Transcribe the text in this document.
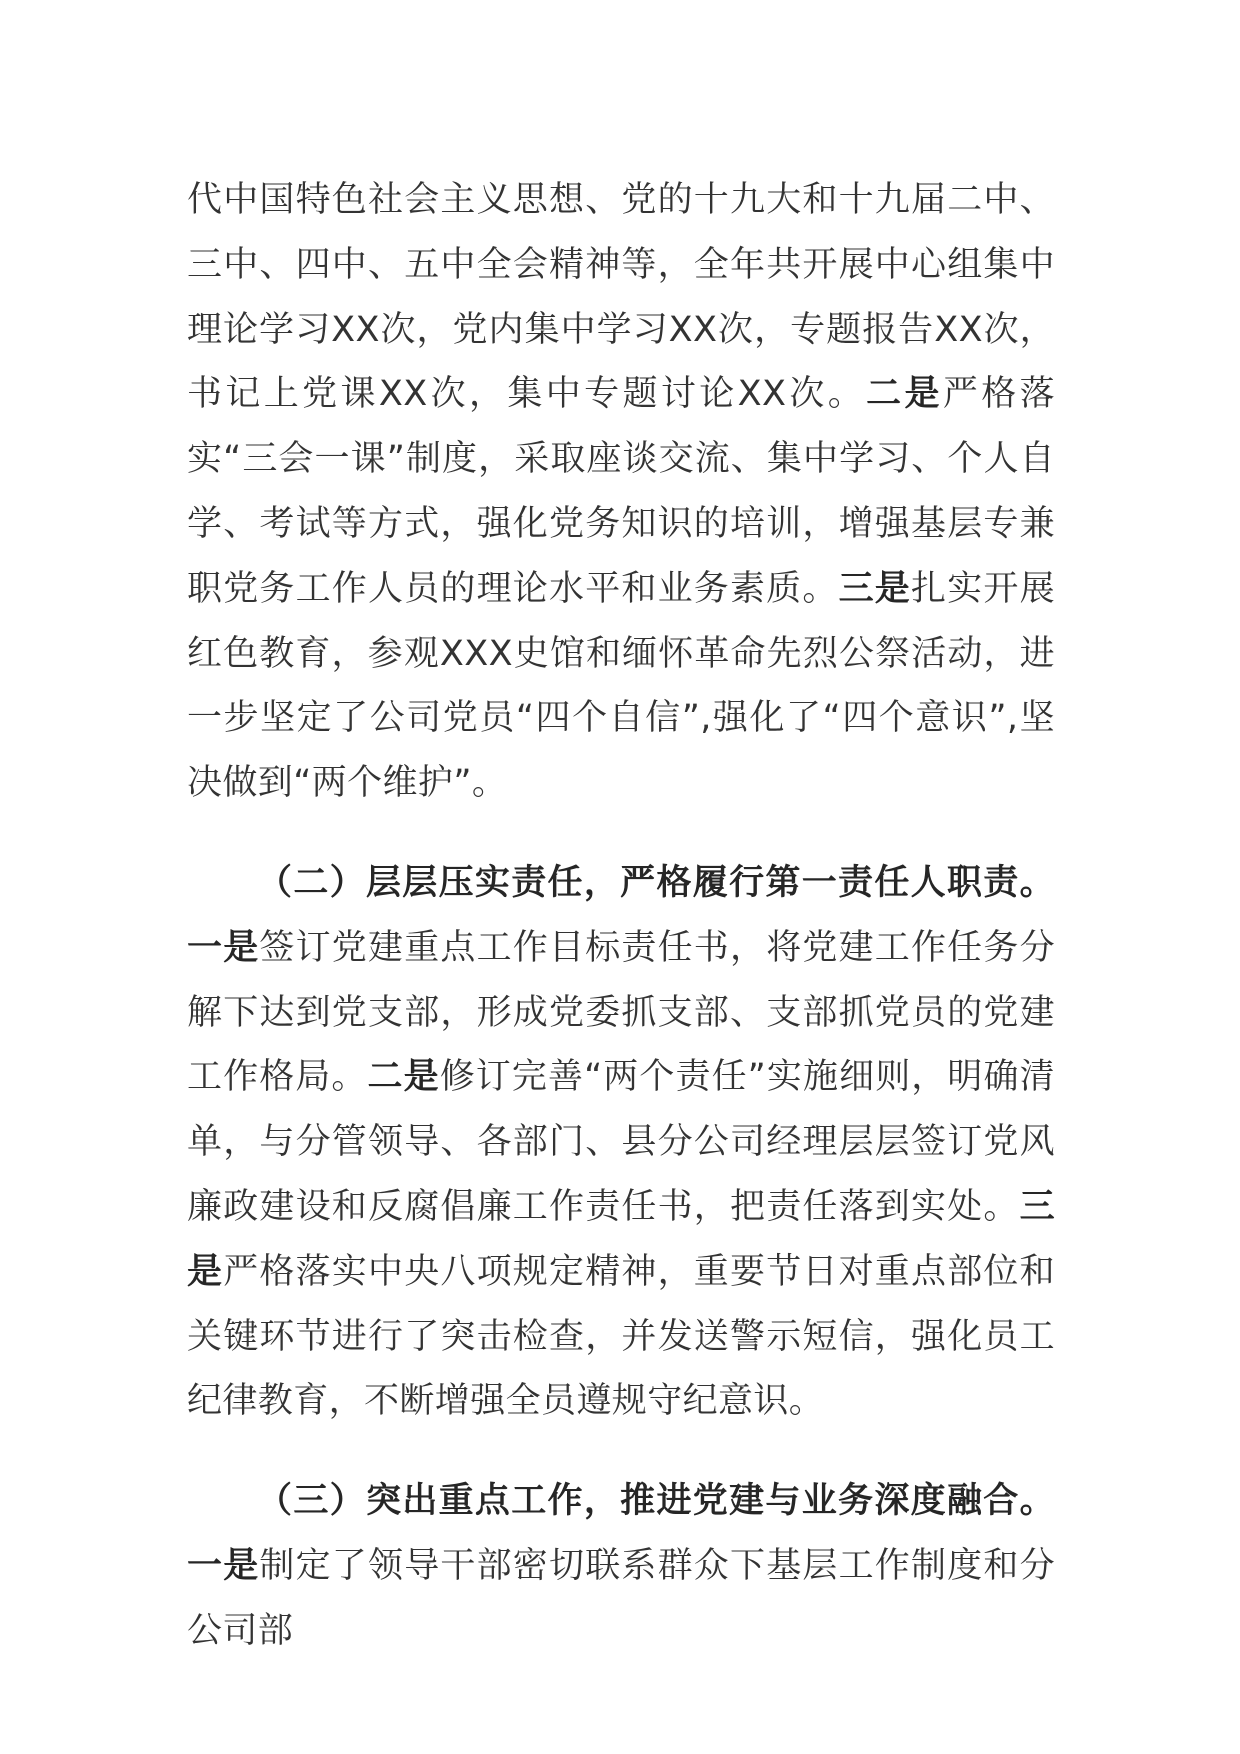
代中国特色社会主义思想、党的十九大和十九届二中、三中、四中、五中全会精神等，全年共开展中心组集中理论学习XX次，党内集中学习XX次，专题报告XX次，书记上党课XX次，集中专题讨论XX次。二是严格落实“三会一课”制度，采取座谈交流、集中学习、个人自学、考试等方式，强化党务知识的培训，增强基层专兼职党务工作人员的理论水平和业务素质。三是扎实开展红色教育，参观XXX史馆和缅怀革命先烈公祭活动，进一步坚定了公司党员“四个自信”,强化了“四个意识”,坚决做到“两个维护”。

（二）层层压实责任，严格履行第一责任人职责。一是签订党建重点工作目标责任书，将党建工作任务分解下达到党支部，形成党委抓支部、支部抓党员的党建工作格局。二是修订完善“两个责任”实施细则，明确清单，与分管领导、各部门、县分公司经理层层签订党风廉政建设和反腐倡廉工作责任书，把责任落到实处。三是严格落实中央八项规定精神，重要节日对重点部位和关键环节进行了突击检查，并发送警示短信，强化员工纪律教育，不断增强全员遵规守纪意识。

（三）突出重点工作，推进党建与业务深度融合。一是制定了领导干部密切联系群众下基层工作制度和分公司部
